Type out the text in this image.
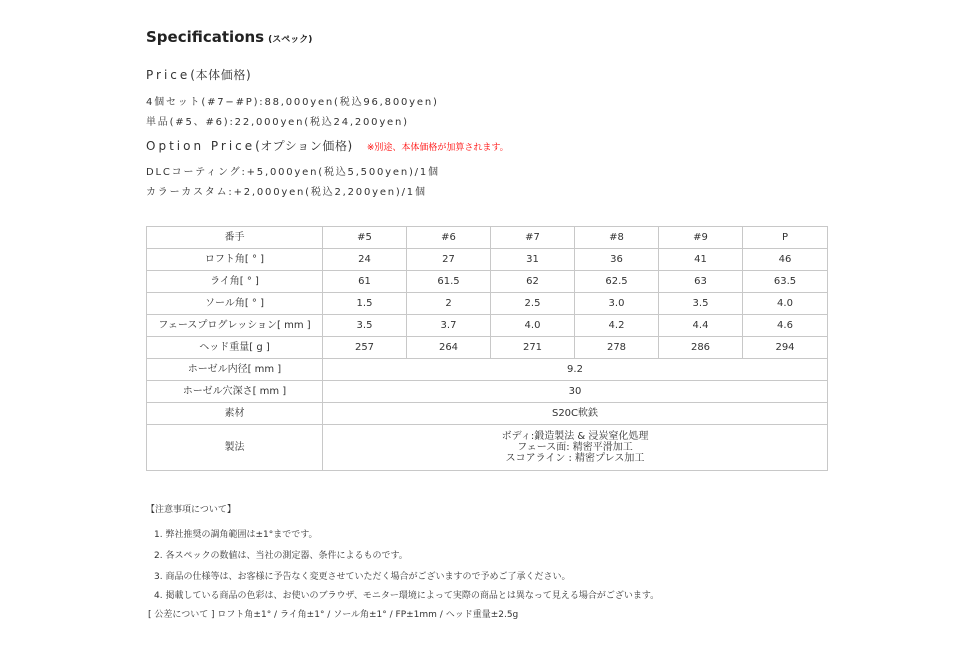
Specifications (スペック)
Price(本体価格)
4個セット(#7−#P):88,000yen(税込96,800yen)
単品(#5、#6):22,000yen(税込24,200yen)
Option Price(オプション価格) ※別途、本体価格が加算されます。
DLCコーティング:+5,000yen(税込5,500yen)/1個
カラーカスタム:+2,000yen(税込2,200yen)/1個
番手	#5	#6	#7	#8	#9	P
ロフト角[ ° ]	24	27	31	36	41	46
ライ角[ ° ]	61	61.5	62	62.5	63	63.5
ソール角[ ° ]	1.5	2	2.5	3.0	3.5	4.0
フェースプログレッション[ mm ]	3.5	3.7	4.0	4.2	4.4	4.6
ヘッド重量[ g ]	257	264	271	278	286	294
ホーゼル内径[ mm ]	9.2					
ホーゼル穴深さ[ mm ]	30					
素材	S20C軟鉄					
製法	ボディ:鍛造製法 & 浸炭窒化処理
フェース面: 精密平滑加工
スコアライン : 精密プレス加工					
【注意事項について】
1. 弊社推奨の調角範囲は±1°までです。
2. 各スペックの数値は、当社の測定器、条件によるものです。
3. 商品の仕様等は、お客様に予告なく変更させていただく場合がございますので予めご了承ください。
4. 掲載している商品の色彩は、お使いのブラウザ、モニター環境によって実際の商品とは異なって見える場合がございます。
[ 公差について ] ロフト角±1° / ライ角±1° / ソール角±1° / FP±1mm / ヘッド重量±2.5g
